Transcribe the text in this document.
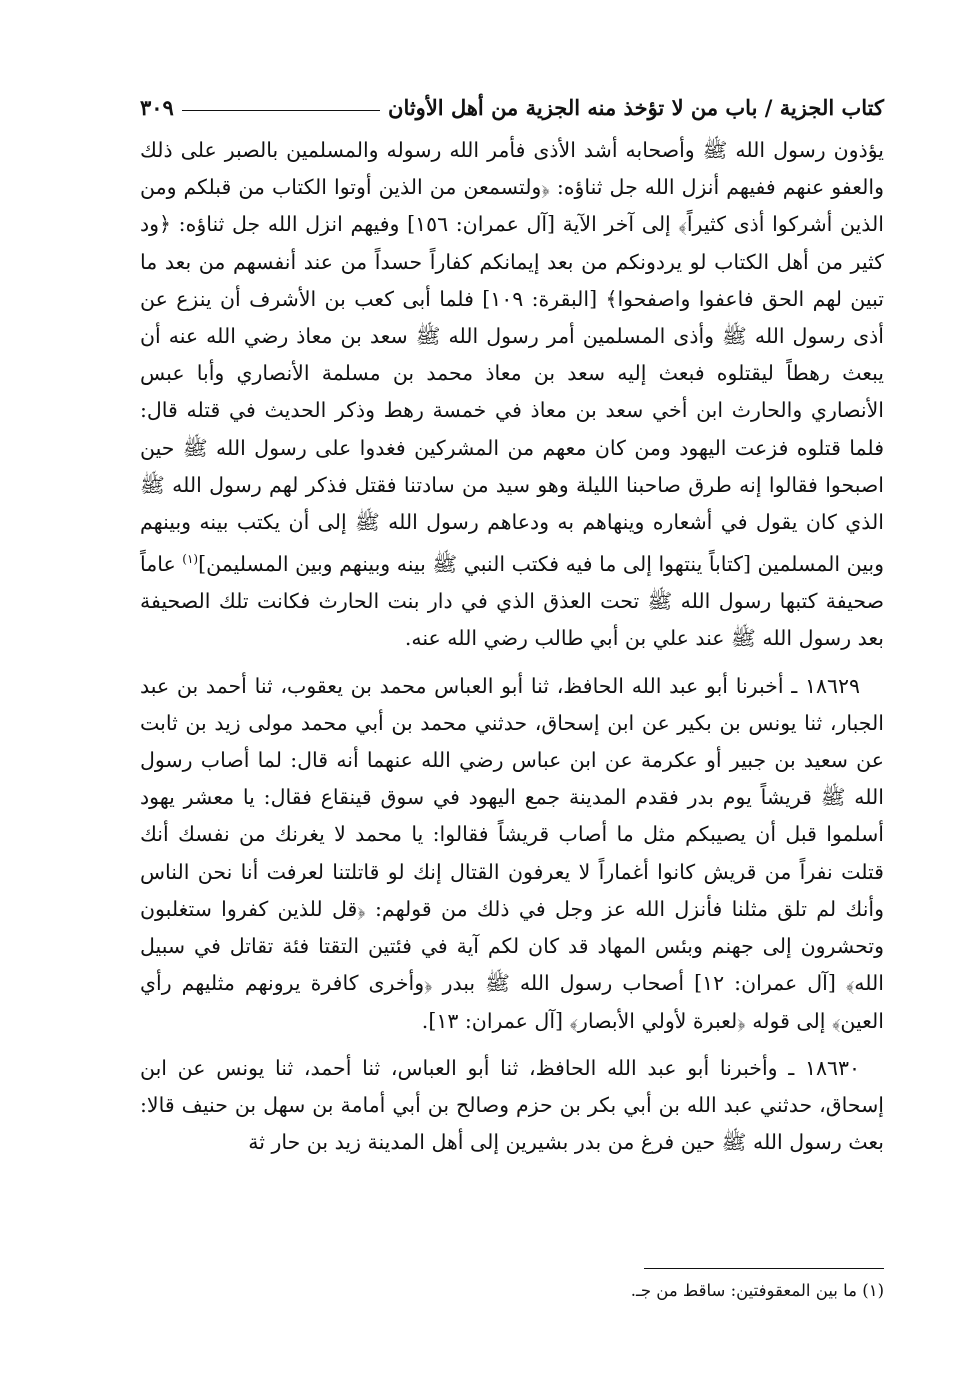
كتاب الجزية / باب من لا تؤخذ منه الجزية من أهل الأوثان
٣٠٩

يؤذون رسول الله ﷺ وأصحابه أشد الأذى فأمر الله رسوله والمسلمين بالصبر على ذلك والعفو عنهم ففيهم أنزل الله جل ثناؤه: ﴿ولتسمعن من الذين أوتوا الكتاب من قبلكم ومن الذين أشركوا أذى كثيراً﴾ إلى آخر الآية [آل عمران: ١٥٦] وفيهم انزل الله جل ثناؤه: ﴿ود كثير من أهل الكتاب لو يردونكم من بعد إيمانكم كفاراً حسداً من عند أنفسهم من بعد ما تبين لهم الحق فاعفوا واصفحوا﴾ [البقرة: ١٠٩] فلما أبى كعب بن الأشرف أن ينزع عن أذى رسول الله ﷺ وأذى المسلمين أمر رسول الله ﷺ سعد بن معاذ رضي الله عنه أن يبعث رهطاً ليقتلوه فبعث إليه سعد بن معاذ محمد بن مسلمة الأنصاري وأبا عبس الأنصاري والحارث ابن أخي سعد بن معاذ في خمسة رهط وذكر الحديث في قتله قال: فلما قتلوه فزعت اليهود ومن كان معهم من المشركين فغدوا على رسول الله ﷺ حين اصبحوا فقالوا إنه طرق صاحبنا الليلة وهو سيد من سادتنا فقتل فذكر لهم رسول الله ﷺ الذي كان يقول في أشعاره وينهاهم به ودعاهم رسول الله ﷺ إلى أن يكتب بينه وبينهم وبين المسلمين [كتاباً ينتهوا إلى ما فيه فكتب النبي ﷺ بينه وبينهم وبين المسليمن]$^{(١)}$ عاماً صحيفة كتبها رسول الله ﷺ تحت العذق الذي في دار بنت الحارث فكانت تلك الصحيفة بعد رسول الله ﷺ عند علي بن أبي طالب رضي الله عنه.

١٨٦٢٩ ـ أخبرنا أبو عبد الله الحافظ، ثنا أبو العباس محمد بن يعقوب، ثنا أحمد بن عبد الجبار، ثنا يونس بن بكير عن ابن إسحاق، حدثني محمد بن أبي محمد مولى زيد بن ثابت عن سعيد بن جبير أو عكرمة عن ابن عباس رضي الله عنهما أنه قال: لما أصاب رسول الله ﷺ قريشاً يوم بدر فقدم المدينة جمع اليهود في سوق قينقاع فقال: يا معشر يهود أسلموا قبل أن يصيبكم مثل ما أصاب قريشاً فقالوا: يا محمد لا يغرنك من نفسك أنك قتلت نفراً من قريش كانوا أغماراً لا يعرفون القتال إنك لو قاتلتنا لعرفت أنا نحن الناس وأنك لم تلق مثلنا فأنزل الله عز وجل في ذلك من قولهم: ﴿قل للذين كفروا ستغلبون وتحشرون إلى جهنم وبئس المهاد قد كان لكم آية في فئتين التقتا فئة تقاتل في سبيل الله﴾ [آل عمران: ١٢] أصحاب رسول الله ﷺ ببدر ﴿وأخرى كافرة يرونهم مثليهم رأي العين﴾ إلى قوله ﴿لعبرة لأولي الأبصار﴾ [آل عمران: ١٣].

١٨٦٣٠ ـ وأخبرنا أبو عبد الله الحافظ، ثنا أبو العباس، ثنا أحمد، ثنا يونس عن ابن إسحاق، حدثني عبد الله بن أبي بكر بن حزم وصالح بن أبي أمامة بن سهل بن حنيف قالا: بعث رسول الله ﷺ حين فرغ من بدر بشيرين إلى أهل المدينة زيد بن حار ثة

(١) ما بين المعقوفتين: ساقط من جـ.
